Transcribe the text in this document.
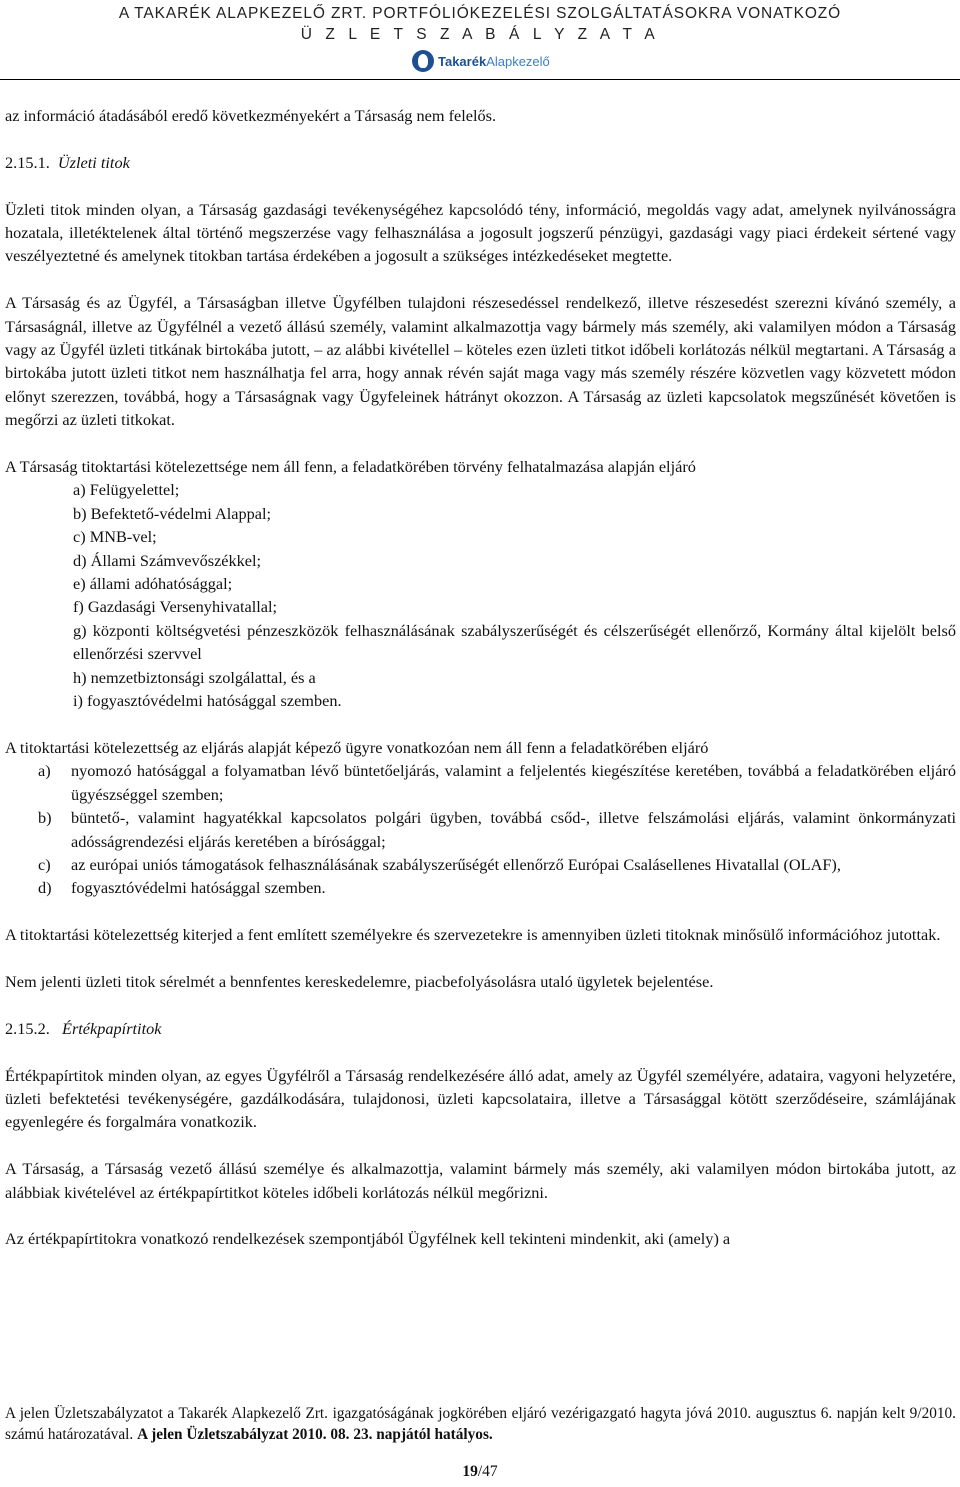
A TAKARÉK ALAPKEZELŐ ZRT. PORTFÓLIÓKEZELÉSI SZOLGÁLTATÁSOKRA VONATKOZÓ
Ü Z L E T S Z A B Á L Y Z A T A
TakarékAlapkezelő

az információ átadásából eredő következményekért a Társaság nem felelős.

2.15.1. Üzleti titok

Üzleti titok minden olyan, a Társaság gazdasági tevékenységéhez kapcsolódó tény, információ, megoldás vagy adat, amelynek nyilvánosságra hozatala, illetéktelenek által történő megszerzése vagy felhasználása a jogosult jogszerű pénzügyi, gazdasági vagy piaci érdekeit sértené vagy veszélyeztetné és amelynek titokban tartása érdekében a jogosult a szükséges intézkedéseket megtette.

A Társaság és az Ügyfél, a Társaságban illetve Ügyfélben tulajdoni részesedéssel rendelkező, illetve részesedést szerezni kívánó személy, a Társaságnál, illetve az Ügyfélnél a vezető állású személy, valamint alkalmazottja vagy bármely más személy, aki valamilyen módon a Társaság vagy az Ügyfél üzleti titkának birtokába jutott, – az alábbi kivétellel – köteles ezen üzleti titkot időbeli korlátozás nélkül megtartani. A Társaság a birtokába jutott üzleti titkot nem használhatja fel arra, hogy annak révén saját maga vagy más személy részére közvetlen vagy közvetett módon előnyt szerezzen, továbbá, hogy a Társaságnak vagy Ügyfeleinek hátrányt okozzon. A Társaság az üzleti kapcsolatok megszűnését követően is megőrzi az üzleti titkokat.

A Társaság titoktartási kötelezettsége nem áll fenn, a feladatkörében törvény felhatalmazása alapján eljáró

a) Felügyelettel;

b) Befektető-védelmi Alappal;

c) MNB-vel;

d) Állami Számvevőszékkel;

e) állami adóhatósággal;

f) Gazdasági Versenyhivatallal;

g) központi költségvetési pénzeszközök felhasználásának szabályszerűségét és célszerűségét ellenőrző, Kormány által kijelölt belső ellenőrzési szervvel

h) nemzetbiztonsági szolgálattal, és a

i) fogyasztóvédelmi hatósággal szemben.

A titoktartási kötelezettség az eljárás alapját képező ügyre vonatkozóan nem áll fenn a feladatkörében eljáró

a)	nyomozó hatósággal a folyamatban lévő büntetőeljárás, valamint a feljelentés kiegészítése keretében, továbbá a feladatkörében eljáró ügyészséggel szemben;
b)	büntető-, valamint hagyatékkal kapcsolatos polgári ügyben, továbbá csőd-, illetve felszámolási eljárás, valamint önkormányzati adósságrendezési eljárás keretében a bírósággal;
c)	az európai uniós támogatások felhasználásának szabályszerűségét ellenőrző Európai Csalásellenes Hivatallal (OLAF),
d)	fogyasztóvédelmi hatósággal szemben.

A titoktartási kötelezettség kiterjed a fent említett személyekre és szervezetekre is amennyiben üzleti titoknak minősülő információhoz jutottak.

Nem jelenti üzleti titok sérelmét a bennfentes kereskedelemre, piacbefolyásolásra utaló ügyletek bejelentése.

2.15.2. Értékpapírtitok

Értékpapírtitok minden olyan, az egyes Ügyfélről a Társaság rendelkezésére álló adat, amely az Ügyfél személyére, adataira, vagyoni helyzetére, üzleti befektetési tevékenységére, gazdálkodására, tulajdonosi, üzleti kapcsolataira, illetve a Társasággal kötött szerződéseire, számlájának egyenlegére és forgalmára vonatkozik.

A Társaság, a Társaság vezető állású személye és alkalmazottja, valamint bármely más személy, aki valamilyen módon birtokába jutott, az alábbiak kivételével az értékpapírtitkot köteles időbeli korlátozás nélkül megőrizni.

Az értékpapírtitokra vonatkozó rendelkezések szempontjából Ügyfélnek kell tekinteni mindenkit, aki (amely) a

A jelen Üzletszabályzatot a Takarék Alapkezelő Zrt. igazgatóságának jogkörében eljáró vezérigazgató hagyta jóvá 2010. augusztus 6. napján kelt 9/2010. számú határozatával. A jelen Üzletszabályzat 2010. 08. 23. napjától hatályos.

19/47
